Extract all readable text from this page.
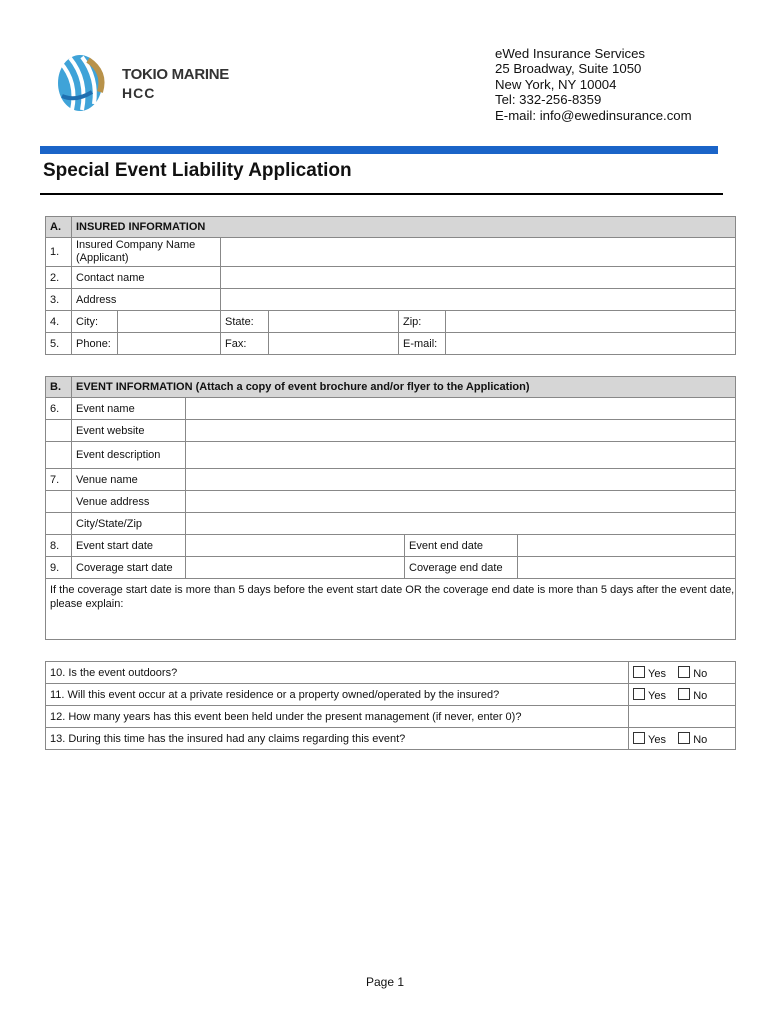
TOKIO MARINE
HCC
eWed Insurance Services
25 Broadway, Suite 1050
New York, NY 10004
Tel: 332-256-8359
E-mail: info@ewedinsurance.com
Special Event Liability Application
A.	INSURED INFORMATION					
1.	Insured Company Name (Applicant)					
2.	Contact name					
3.	Address					
4.	City:		State:		Zip:	
5.	Phone:		Fax:		E-mail:	
B.	EVENT INFORMATION (Attach a copy of event brochure and/or flyer to the Application)			
6.	Event name			
	Event website			
	Event description			
7.	Venue name			
	Venue address			
	City/State/Zip			
8.	Event start date		Event end date	
9.	Coverage start date		Coverage end date	
If the coverage start date is more than 5 days before the event start date OR the coverage end date is more than 5 days after the event date, please explain:				
10. Is the event outdoors?	Yes No
11. Will this event occur at a private residence or a property owned/operated by the insured?	Yes No
12. How many years has this event been held under the present management (if never, enter 0)?	
13. During this time has the insured had any claims regarding this event?	Yes No
Page 1
